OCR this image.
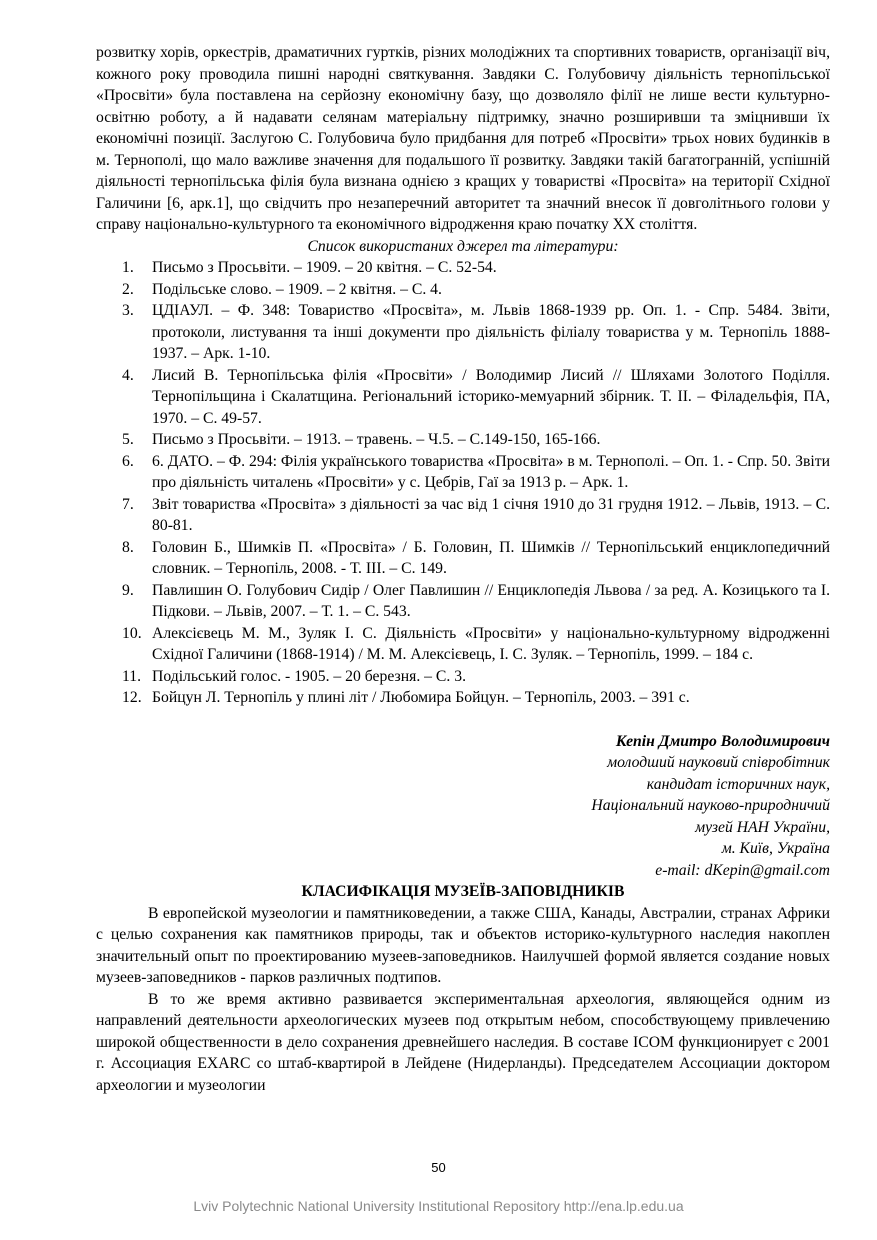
розвитку хорів, оркестрів, драматичних гуртків, різних молодіжних та спортивних товариств, організації віч, кожного року проводила пишні народні святкування. Завдяки С. Голубовичу діяльність тернопільської «Просвіти» була поставлена на серйозну економічну базу, що дозволяло філії не лише вести культурно-освітню роботу, а й надавати селянам матеріальну підтримку, значно розширивши та зміцнивши їх економічні позиції. Заслугою С. Голубовича було придбання для потреб «Просвіти» трьох нових будинків в м. Тернополі, що мало важливе значення для подальшого її розвитку. Завдяки такій багатогранній, успішній діяльності тернопільська філія була визнана однією з кращих у товаристві «Просвіта» на території Східної Галичини [6, арк.1], що свідчить про незаперечний авторитет та значний внесок її довголітнього голови у справу національно-культурного та економічного відродження краю початку ХХ століття.

Список використаних джерел та літератури:

1. Письмо з Просьвіти. – 1909. – 20 квітня. – С. 52-54.
2. Подільське слово. – 1909. – 2 квітня. – С. 4.
3. ЦДІАУЛ. – Ф. 348: Товариство «Просвіта», м. Львів 1868-1939 рр. Оп. 1. - Спр. 5484. Звіти, протоколи, листування та інші документи про діяльність філіалу товариства у м. Тернопіль 1888-1937. – Арк. 1-10.
4. Лисий В. Тернопільська філія «Просвіти» / Володимир Лисий // Шляхами Золотого Поділля. Тернопільщина і Скалатщина. Регіональний історико-мемуарний збірник. Т. ІІ. – Філадельфія, ПА, 1970. – С. 49-57.
5. Письмо з Просьвіти. – 1913. – травень. – Ч.5. – С.149-150, 165-166.
6. 6. ДАТО. – Ф. 294: Філія українського товариства «Просвіта» в м. Тернополі. – Оп. 1. - Спр. 50. Звіти про діяльність читалень «Просвіти» у с. Цебрів, Гаї за 1913 р. – Арк. 1.
7. Звіт товариства «Просвіта» з діяльності за час від 1 січня 1910 до 31 грудня 1912. – Львів, 1913. – С. 80-81.
8. Головин Б., Шимків П. «Просвіта» / Б. Головин, П. Шимків // Тернопільський енциклопедичний словник. – Тернопіль, 2008. - Т. ІІІ. – С. 149.
9. Павлишин О. Голубович Сидір / Олег Павлишин // Енциклопедія Львова / за ред. А. Козицького та І. Підкови. – Львів, 2007. – Т. 1. – С. 543.
10. Алексієвець М. М., Зуляк І. С. Діяльність «Просвіти» у національно-культурному відродженні Східної Галичини (1868-1914) / М. М. Алексієвець, І. С. Зуляк. – Тернопіль, 1999. – 184 с.
11. Подільський голос. - 1905. – 20 березня. – С. 3.
12. Бойцун Л. Тернопіль у плині літ / Любомира Бойцун. – Тернопіль, 2003. – 391 с.
Кепін Дмитро Володимирович
молодший науковий співробітник
кандидат історичних наук,
Національний науково-природничий
музей НАН України,
м. Київ, Україна
e-mail: dKepin@gmail.com
КЛАСИФІКАЦІЯ МУЗЕЇВ-ЗАПОВІДНИКІВ

В европейской музеологии и памятниковедении, а также США, Канады, Австралии, странах Африки с целью сохранения как памятников природы, так и объектов историко-культурного наследия накоплен значительный опыт по проектированию музеев-заповедников. Наилучшей формой является создание новых музеев-заповедников - парков различных подтипов.

В то же время активно развивается экспериментальная археология, являющейся одним из направлений деятельности археологических музеев под открытым небом, способствующему привлечению широкой общественности в дело сохранения древнейшего наследия. В составе ICOM функционирует с 2001 г. Ассоциация EXARC со штаб-квартирой в Лейдене (Нидерланды). Председателем Ассоциации доктором археологии и музеологии

50
Lviv Polytechnic National University Institutional Repository http://ena.lp.edu.ua
